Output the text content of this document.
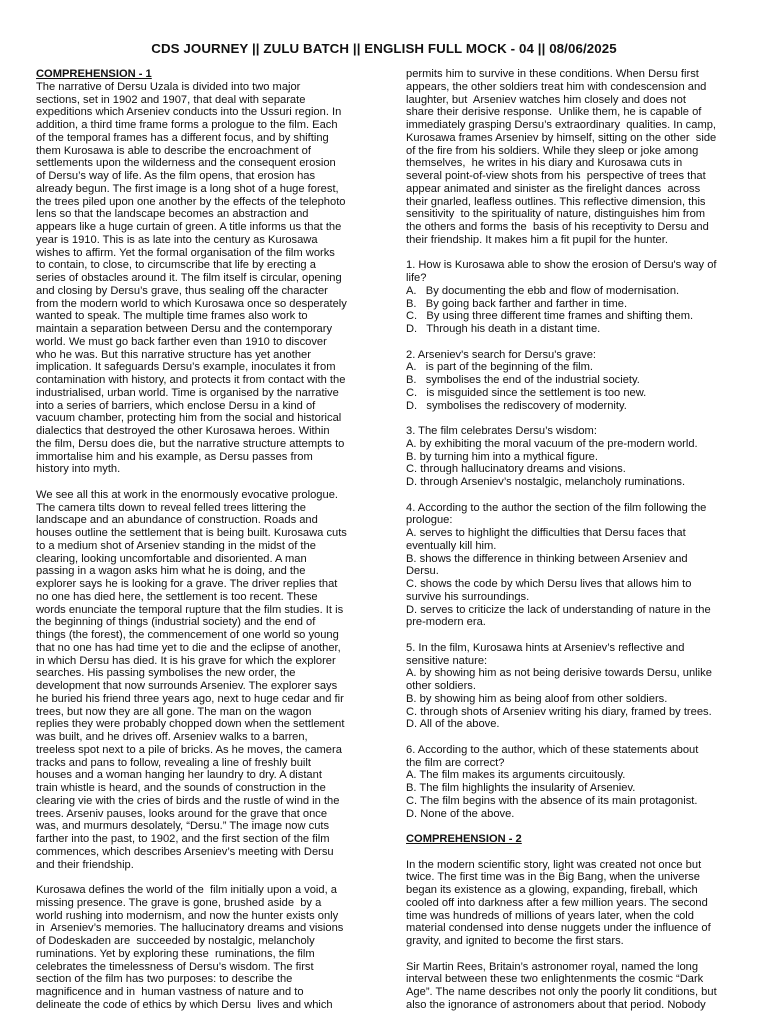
CDS JOURNEY || ZULU BATCH || ENGLISH FULL MOCK - 04 || 08/06/2025

COMPREHENSION - 1

The narrative of Dersu Uzala is divided into two major
sections, set in 1902 and 1907, that deal with separate
expeditions which Arseniev conducts into the Ussuri region. In
addition, a third time frame forms a prologue to the film. Each
of the temporal frames has a different focus, and by shifting
them Kurosawa is able to describe the encroachment of
settlements upon the wilderness and the consequent erosion
of Dersu’s way of life. As the film opens, that erosion has
already begun. The first image is a long shot of a huge forest,
the trees piled upon one another by the effects of the telephoto
lens so that the landscape becomes an abstraction and
appears like a huge curtain of green. A title informs us that the
year is 1910. This is as late into the century as Kurosawa
wishes to affirm. Yet the formal organisation of the film works
to contain, to close, to circumscribe that life by erecting a
series of obstacles around it. The film itself is circular, opening
and closing by Dersu’s grave, thus sealing off the character
from the modern world to which Kurosawa once so desperately
wanted to speak. The multiple time frames also work to
maintain a separation between Dersu and the contemporary
world. We must go back farther even than 1910 to discover
who he was. But this narrative structure has yet another
implication. It safeguards Dersu’s example, inoculates it from
contamination with history, and protects it from contact with the
industrialised, urban world. Time is organised by the narrative
into a series of barriers, which enclose Dersu in a kind of
vacuum chamber, protecting him from the social and historical
dialectics that destroyed the other Kurosawa heroes. Within
the film, Dersu does die, but the narrative structure attempts to
immortalise him and his example, as Dersu passes from
history into myth.

We see all this at work in the enormously evocative prologue.
The camera tilts down to reveal felled trees littering the
landscape and an abundance of construction. Roads and
houses outline the settlement that is being built. Kurosawa cuts
to a medium shot of Arseniev standing in the midst of the
clearing, looking uncomfortable and disoriented. A man
passing in a wagon asks him what he is doing, and the
explorer says he is looking for a grave. The driver replies that
no one has died here, the settlement is too recent. These
words enunciate the temporal rupture that the film studies. It is
the beginning of things (industrial society) and the end of
things (the forest), the commencement of one world so young
that no one has had time yet to die and the eclipse of another,
in which Dersu has died. It is his grave for which the explorer
searches. His passing symbolises the new order, the
development that now surrounds Arseniev. The explorer says
he buried his friend three years ago, next to huge cedar and fir
trees, but now they are all gone. The man on the wagon
replies they were probably chopped down when the settlement
was built, and he drives off. Arseniev walks to a barren,
treeless spot next to a pile of bricks. As he moves, the camera
tracks and pans to follow, revealing a line of freshly built
houses and a woman hanging her laundry to dry. A distant
train whistle is heard, and the sounds of construction in the
clearing vie with the cries of birds and the rustle of wind in the
trees. Arseniv pauses, looks around for the grave that once
was, and murmurs desolately, “Dersu.” The image now cuts
farther into the past, to 1902, and the first section of the film
commences, which describes Arseniev’s meeting with Dersu
and their friendship.

Kurosawa defines the world of the  film initially upon a void, a
missing presence. The grave is gone, brushed aside  by a
world rushing into modernism, and now the hunter exists only
in  Arseniev’s memories. The hallucinatory dreams and visions
of Dodeskaden are  succeeded by nostalgic, melancholy
ruminations. Yet by exploring these  ruminations, the film
celebrates the timelessness of Dersu’s wisdom. The first
section of the film has two purposes: to describe the
magnificence and in  human vastness of nature and to
delineate the code of ethics by which Dersu  lives and which

permits him to survive in these conditions. When Dersu first
appears, the other soldiers treat him with condescension and
laughter, but  Arseniev watches him closely and does not
share their derisive response.  Unlike them, he is capable of
immediately grasping Dersu’s extraordinary  qualities. In camp,
Kurosawa frames Arseniev by himself, sitting on the other  side
of the fire from his soldiers. While they sleep or joke among
themselves,  he writes in his diary and Kurosawa cuts in
several point-of-view shots from his  perspective of trees that
appear animated and sinister as the firelight dances  across
their gnarled, leafless outlines. This reflective dimension, this
sensitivity  to the spirituality of nature, distinguishes him from
the others and forms the  basis of his receptivity to Dersu and
their friendship. It makes him a fit pupil for the hunter.

1. How is Kurosawa able to show the erosion of Dersu's way of
life?

A.   By documenting the ebb and flow of modernisation.
B.   By going back farther and farther in time.
C.   By using three different time frames and shifting them.
D.   Through his death in a distant time.

2. Arseniev's search for Dersu's grave:

A.   is part of the beginning of the film.
B.   symbolises the end of the industrial society.
C.   is misguided since the settlement is too new.
D.   symbolises the rediscovery of modernity.

3. The film celebrates Dersu’s wisdom:

A. by exhibiting the moral vacuum of the pre-modern world.
B. by turning him into a mythical figure.
C. through hallucinatory dreams and visions.
D. through Arseniev’s nostalgic, melancholy ruminations.

4. According to the author the section of the film following the
prologue:

A. serves to highlight the difficulties that Dersu faces that
eventually kill him.
B. shows the difference in thinking between Arseniev and
Dersu.
C. shows the code by which Dersu lives that allows him to
survive his surroundings.
D. serves to criticize the lack of understanding of nature in the
pre-modern era.

5. In the film, Kurosawa hints at Arseniev’s reflective and
sensitive nature:

A. by showing him as not being derisive towards Dersu, unlike
other soldiers.
B. by showing him as being aloof from other soldiers.
C. through shots of Arseniev writing his diary, framed by trees.
D. All of the above.

6. According to the author, which of these statements about
the film are correct?

A. The film makes its arguments circuitously.
B. The film highlights the insularity of Arseniev.
C. The film begins with the absence of its main protagonist.
D. None of the above.

COMPREHENSION - 2

In the modern scientific story, light was created not once but
twice. The first time was in the Big Bang, when the universe
began its existence as a glowing, expanding, fireball, which
cooled off into darkness after a few million years. The second
time was hundreds of millions of years later, when the cold
material condensed into dense nuggets under the influence of
gravity, and ignited to become the first stars.

Sir Martin Rees, Britain’s astronomer royal, named the long
interval between these two enlightenments the cosmic “Dark
Age”. The name describes not only the poorly lit conditions, but
also the ignorance of astronomers about that period. Nobody
